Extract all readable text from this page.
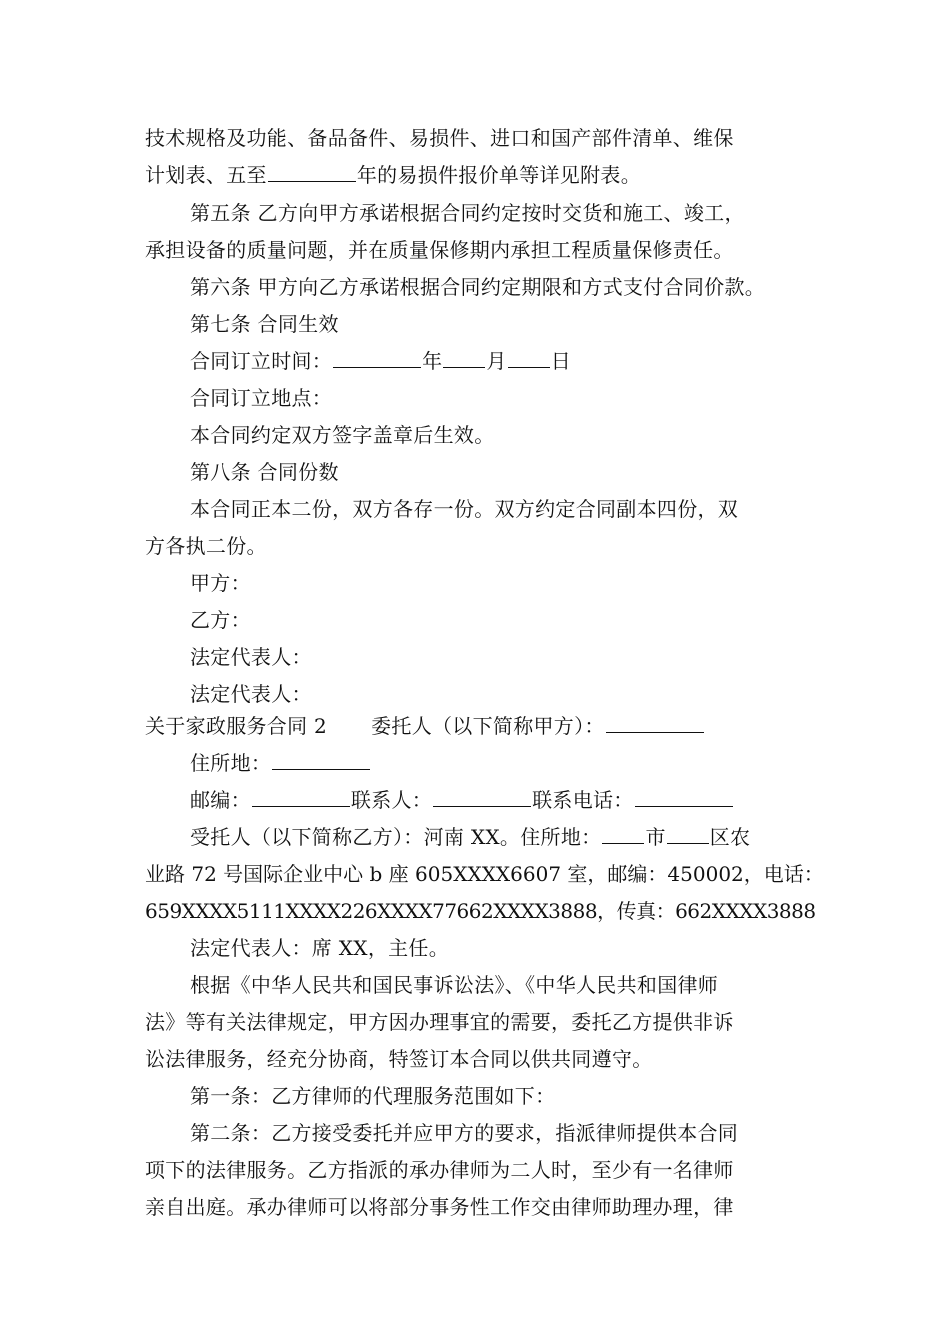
技术规格及功能、备品备件、易损件、进口和国产部件清单、维保
计划表、五至	年的易损件报价单等详见附表。
第五条 乙方向甲方承诺根据合同约定按时交货和施工、竣工，
承担设备的质量问题，并在质量保修期内承担工程质量保修责任。
第六条 甲方向乙方承诺根据合同约定期限和方式支付合同价款。
第七条 合同生效
合同订立时间：	年 月 日
合同订立地点：
本合同约定双方签字盖章后生效。
第八条 合同份数
本合同正本二份，双方各存一份。双方约定合同副本四份，双
方各执二份。
甲方：
乙方：
法定代表人：
法定代表人：
关于家政服务合同 2 委托人（以下简称甲方）：
住所地：
邮编：	联系人：	联系电话：
受托人（以下简称乙方）：河南 XX。住所地： 市 区农
业路 72 号国际企业中心 b 座 605XXXX6607 室，邮编：450002，电话：
659XXXX5111XXXX226XXXX77662XXXX3888，传真：662XXXX3888
法定代表人：席 XX，主任。
根据《中华人民共和国民事诉讼法》、《中华人民共和国律师
法》等有关法律规定，甲方因办理事宜的需要，委托乙方提供非诉
讼法律服务，经充分协商，特签订本合同以供共同遵守。
第一条：乙方律师的代理服务范围如下：
第二条：乙方接受委托并应甲方的要求，指派律师提供本合同
项下的法律服务。乙方指派的承办律师为二人时，至少有一名律师
亲自出庭。承办律师可以将部分事务性工作交由律师助理办理，律
